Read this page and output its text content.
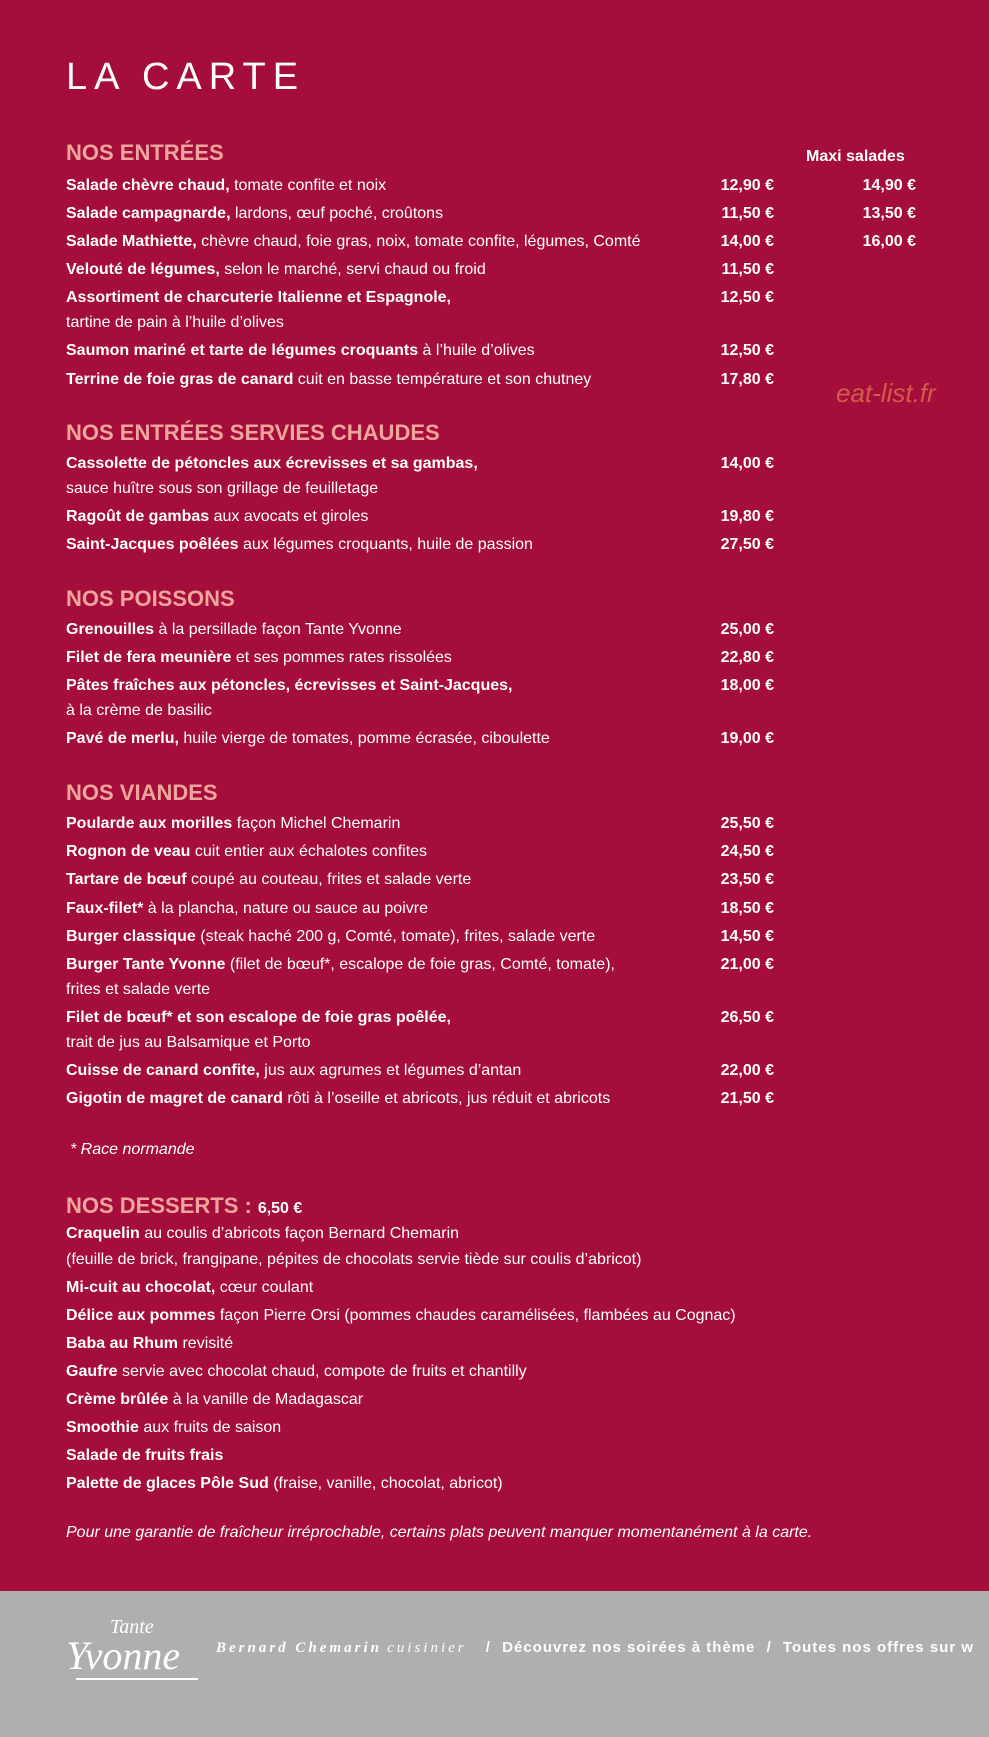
LA CARTE
Maxi salades
eat-list.fr
NOS ENTRÉES
Salade chèvre chaud, tomate confite et noix	12,90 €	14,90 €
Salade campagnarde, lardons, œuf poché, croûtons	11,50 €	13,50 €
Salade Mathiette, chèvre chaud, foie gras, noix, tomate confite, légumes, Comté	14,00 €	16,00 €
Velouté de légumes, selon le marché, servi chaud ou froid	11,50 €
Assortiment de charcuterie Italienne et Espagnole,	12,50 €
tartine de pain à l’huile d’olives
Saumon mariné et tarte de légumes croquants à l’huile d’olives	12,50 €
Terrine de foie gras de canard cuit en basse température et son chutney	17,80 €
NOS ENTRÉES SERVIES CHAUDES
Cassolette de pétoncles aux écrevisses et sa gambas,	14,00 €
sauce huître sous son grillage de feuilletage
Ragoût de gambas aux avocats et giroles	19,80 €
Saint-Jacques poêlées aux légumes croquants, huile de passion	27,50 €
NOS POISSONS
Grenouilles à la persillade façon Tante Yvonne	25,00 €
Filet de fera meunière et ses pommes rates rissolées	22,80 €
Pâtes fraîches aux pétoncles, écrevisses et Saint-Jacques,	18,00 €
à la crème de basilic
Pavé de merlu, huile vierge de tomates, pomme écrasée, ciboulette	19,00 €
NOS VIANDES
Poularde aux morilles façon Michel Chemarin	25,50 €
Rognon de veau cuit entier aux échalotes confites	24,50 €
Tartare de bœuf coupé au couteau, frites et salade verte	23,50 €
Faux-filet* à la plancha, nature ou sauce au poivre	18,50 €
Burger classique (steak haché 200 g, Comté, tomate), frites, salade verte	14,50 €
Burger Tante Yvonne (filet de bœuf*, escalope de foie gras, Comté, tomate),	21,00 €
frites et salade verte
Filet de bœuf* et son escalope de foie gras poêlée,	26,50 €
trait de jus au Balsamique et Porto
Cuisse de canard confite, jus aux agrumes et légumes d’antan	22,00 €
Gigotin de magret de canard rôti à l’oseille et abricots, jus réduit et abricots	21,50 €
* Race normande
NOS DESSERTS : 6,50 €
Craquelin au coulis d’abricots façon Bernard Chemarin
(feuille de brick, frangipane, pépites de chocolats servie tiède sur coulis d’abricot)
Mi-cuit au chocolat, cœur coulant
Délice aux pommes façon Pierre Orsi (pommes chaudes caramélisées, flambées au Cognac)
Baba au Rhum revisité
Gaufre servie avec chocolat chaud, compote de fruits et chantilly
Crème brûlée à la vanille de Madagascar
Smoothie aux fruits de saison
Salade de fruits frais
Palette de glaces Pôle Sud (fraise, vanille, chocolat, abricot)
Pour une garantie de fraîcheur irréprochable, certains plats peuvent manquer momentanément à la carte.
Tante
Yvonne Bernard Chemarin cuisinier / Découvrez nos soirées à thème / Toutes nos offres sur w
